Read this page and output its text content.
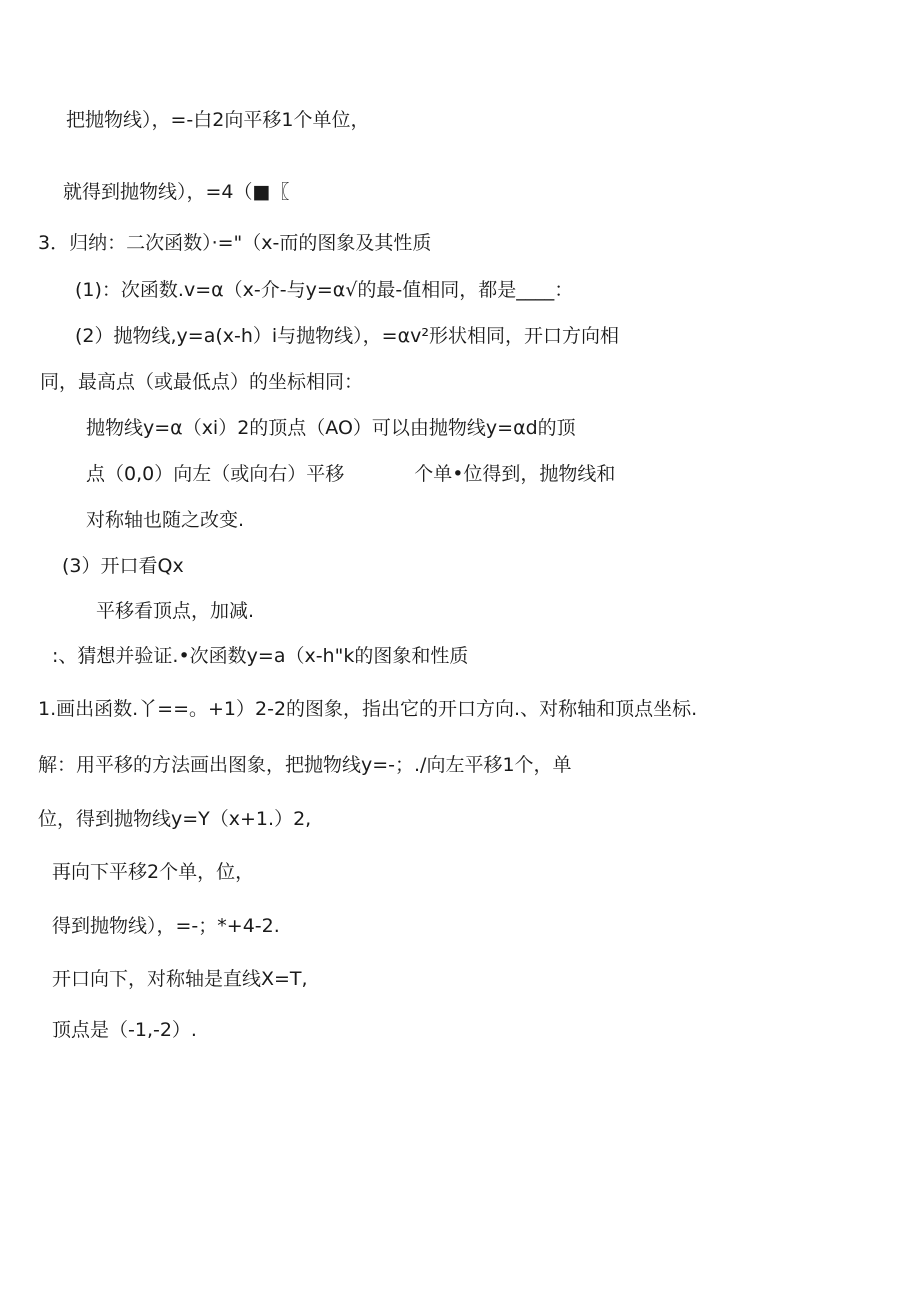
把抛物线），=-白2向平移1个单位，
就得到抛物线），=4（■〖
3．归纳：二次函数）·="（x-而的图象及其性质
(1)：次函数.v=α（x-介-与y=α√的最-值相同，都是____：
(2）抛物线,y=a(x-h）i与抛物线），=αv²形状相同，开口方向相
同，最高点（或最低点）的坐标相同：
抛物线y=α（xi）2的顶点（AO）可以由抛物线y=αd的顶
点（0,0）向左（或向右）平移	个单•位得到，抛物线和
对称轴也随之改变.
(3）开口看Qx
平移看顶点，加减.
:、猜想并验证.•次函数y=a（x-h"k的图象和性质
1.画出函数.丫==。+1）2-2的图象，指出它的开口方向.、对称轴和顶点坐标.
解：用平移的方法画出图象，把抛物线y=-；./向左平移1个，单
位，得到抛物线y=Y（x+1.）2,
再向下平移2个单，位，
得到抛物线），=-；*+4-2.
开口向下，对称轴是直线X=T,
顶点是（-1,-2）.
